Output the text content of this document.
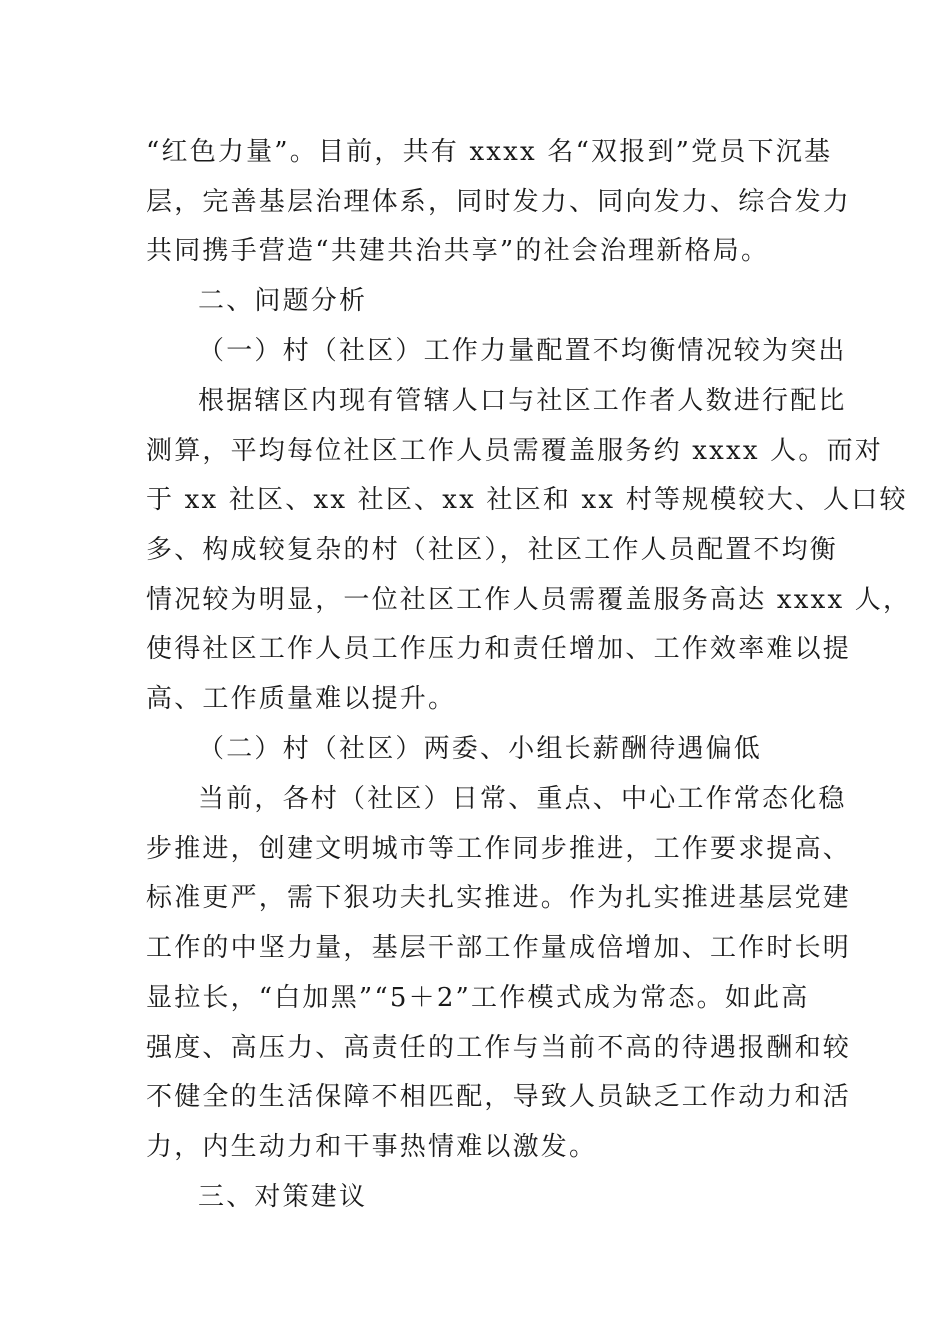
“红色力量”。目前，共有 xxxx 名“双报到”党员下沉基
层，完善基层治理体系，同时发力、同向发力、综合发力
共同携手营造“共建共治共享”的社会治理新格局。
二、问题分析
（一）村（社区）工作力量配置不均衡情况较为突出
根据辖区内现有管辖人口与社区工作者人数进行配比
测算，平均每位社区工作人员需覆盖服务约 xxxx 人。而对
于 xx 社区、xx 社区、xx 社区和 xx 村等规模较大、人口较
多、构成较复杂的村（社区），社区工作人员配置不均衡
情况较为明显，一位社区工作人员需覆盖服务高达 xxxx 人，
使得社区工作人员工作压力和责任增加、工作效率难以提
高、工作质量难以提升。
（二）村（社区）两委、小组长薪酬待遇偏低
当前，各村（社区）日常、重点、中心工作常态化稳
步推进，创建文明城市等工作同步推进，工作要求提高、
标准更严，需下狠功夫扎实推进。作为扎实推进基层党建
工作的中坚力量，基层干部工作量成倍增加、工作时长明
显拉长，“白加黑”“5＋2”工作模式成为常态。如此高
强度、高压力、高责任的工作与当前不高的待遇报酬和较
不健全的生活保障不相匹配，导致人员缺乏工作动力和活
力，内生动力和干事热情难以激发。
三、对策建议
